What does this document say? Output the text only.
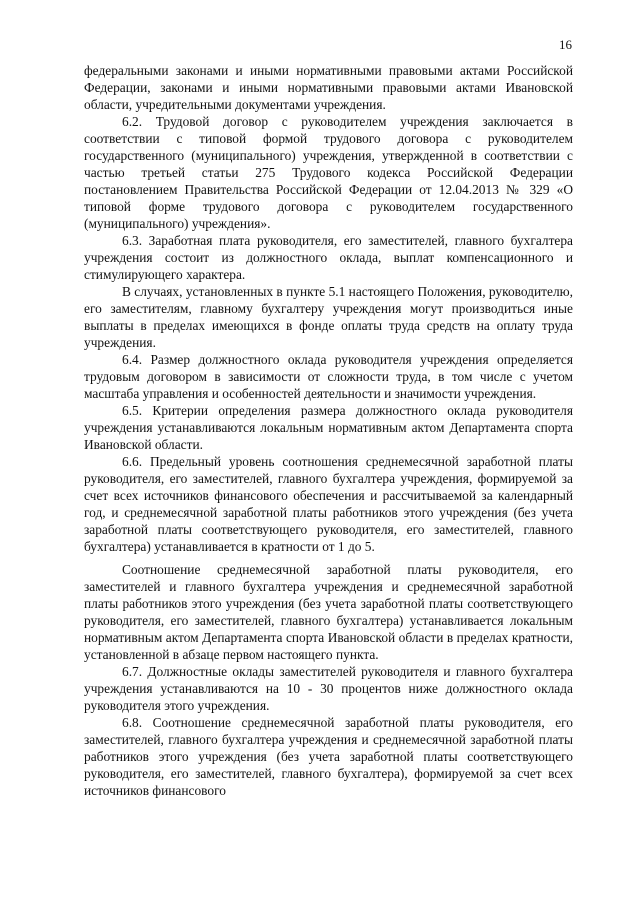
16

федеральными законами и иными нормативными правовыми актами Российской Федерации, законами и иными нормативными правовыми актами Ивановской области, учредительными документами учреждения.

6.2. Трудовой договор с руководителем учреждения заключается в соответствии с типовой формой трудового договора с руководителем государственного (муниципального) учреждения, утвержденной в соответствии с частью третьей статьи 275 Трудового кодекса Российской Федерации постановлением Правительства Российской Федерации от 12.04.2013 № 329 «О типовой форме трудового договора с руководителем государственного (муниципального) учреждения».

6.3. Заработная плата руководителя, его заместителей, главного бухгалтера учреждения состоит из должностного оклада, выплат компенсационного и стимулирующего характера.

В случаях, установленных в пункте 5.1 настоящего Положения, руководителю, его заместителям, главному бухгалтеру учреждения могут производиться иные выплаты в пределах имеющихся в фонде оплаты труда средств на оплату труда учреждения.

6.4. Размер должностного оклада руководителя учреждения определяется трудовым договором в зависимости от сложности труда, в том числе с учетом масштаба управления и особенностей деятельности и значимости учреждения.

6.5. Критерии определения размера должностного оклада руководителя учреждения устанавливаются локальным нормативным актом Департамента спорта Ивановской области.

6.6. Предельный уровень соотношения среднемесячной заработной платы руководителя, его заместителей, главного бухгалтера учреждения, формируемой за счет всех источников финансового обеспечения и рассчитываемой за календарный год, и среднемесячной заработной платы работников этого учреждения (без учета заработной платы соответствующего руководителя, его заместителей, главного бухгалтера) устанавливается в кратности от 1 до 5.

Соотношение среднемесячной заработной платы руководителя, его заместителей и главного бухгалтера учреждения и среднемесячной заработной платы работников этого учреждения (без учета заработной платы соответствующего руководителя, его заместителей, главного бухгалтера) устанавливается локальным нормативным актом Департамента спорта Ивановской области в пределах кратности, установленной в абзаце первом настоящего пункта.

6.7. Должностные оклады заместителей руководителя и главного бухгалтера учреждения устанавливаются на 10 - 30 процентов ниже должностного оклада руководителя этого учреждения.

6.8. Соотношение среднемесячной заработной платы руководителя, его заместителей, главного бухгалтера учреждения и среднемесячной заработной платы работников этого учреждения (без учета заработной платы соответствующего руководителя, его заместителей, главного бухгалтера), формируемой за счет всех источников финансового
